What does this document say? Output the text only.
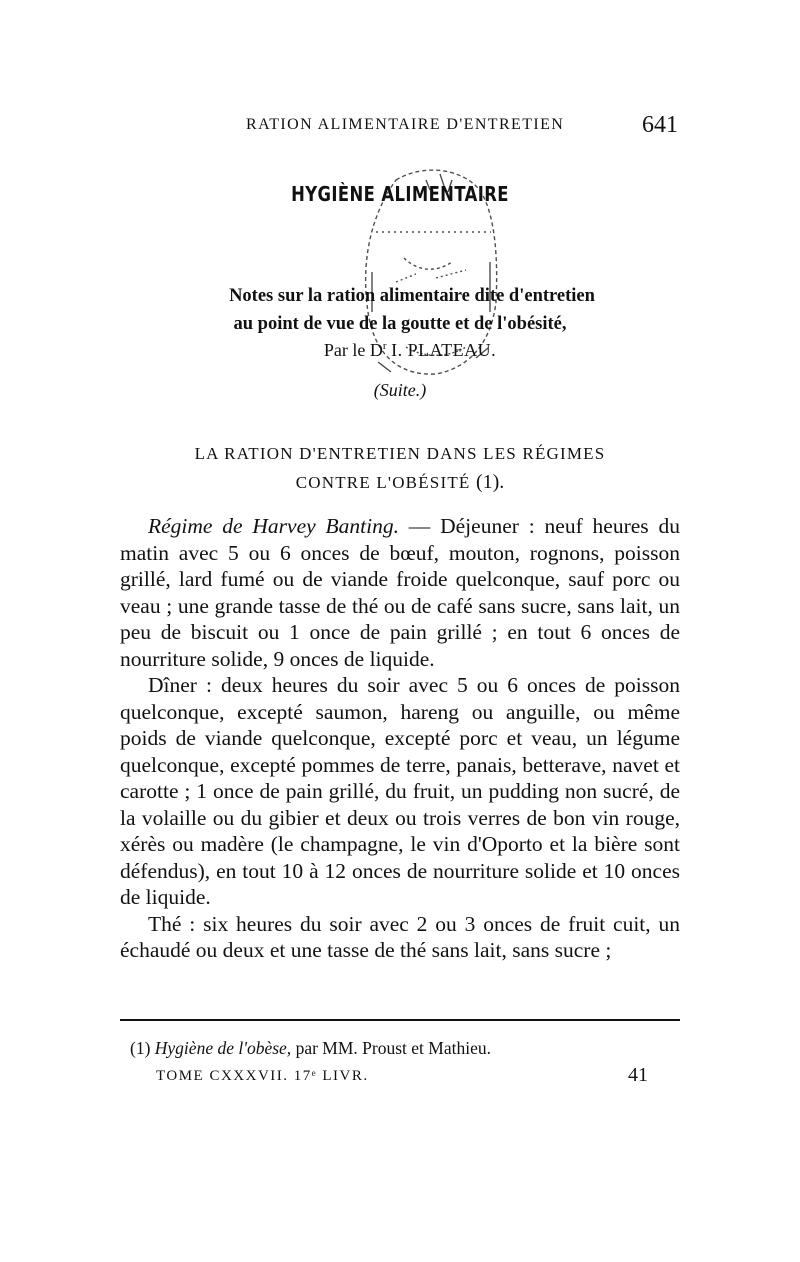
RATION ALIMENTAIRE D'ENTRETIEN	641
HYGIÈNE ALIMENTAIRE
Notes sur la ration alimentaire dite d'entretien
au point de vue de la goutte et de l'obésité,
Par le $D^r$ I. PLATEAU.
(Suite.)
LA RATION D'ENTRETIEN DANS LES RÉGIMES
CONTRE L'OBÉSITÉ (1).

Régime de Harvey Banting. — Déjeuner : neuf heures du matin avec 5 ou 6 onces de bœuf, mouton, rognons, poisson grillé, lard fumé ou de viande froide quelconque, sauf porc ou veau ; une grande tasse de thé ou de café sans sucre, sans lait, un peu de biscuit ou 1 once de pain grillé ; en tout 6 onces de nourriture solide, 9 onces de liquide.

Dîner : deux heures du soir avec 5 ou 6 onces de poisson quelconque, excepté saumon, hareng ou anguille, ou même poids de viande quelconque, excepté porc et veau, un légume quelconque, excepté pommes de terre, panais, betterave, navet et carotte ; 1 once de pain grillé, du fruit, un pudding non sucré, de la volaille ou du gibier et deux ou trois verres de bon vin rouge, xérès ou madère (le champagne, le vin d'Oporto et la bière sont défendus), en tout 10 à 12 onces de nourriture solide et 10 onces de liquide.

Thé : six heures du soir avec 2 ou 3 onces de fruit cuit, un échaudé ou deux et une tasse de thé sans lait, sans sucre ;

(1) Hygiène de l'obèse, par MM. Proust et Mathieu.
TOME CXXXVII. 17ᵉ LIVR.	41
